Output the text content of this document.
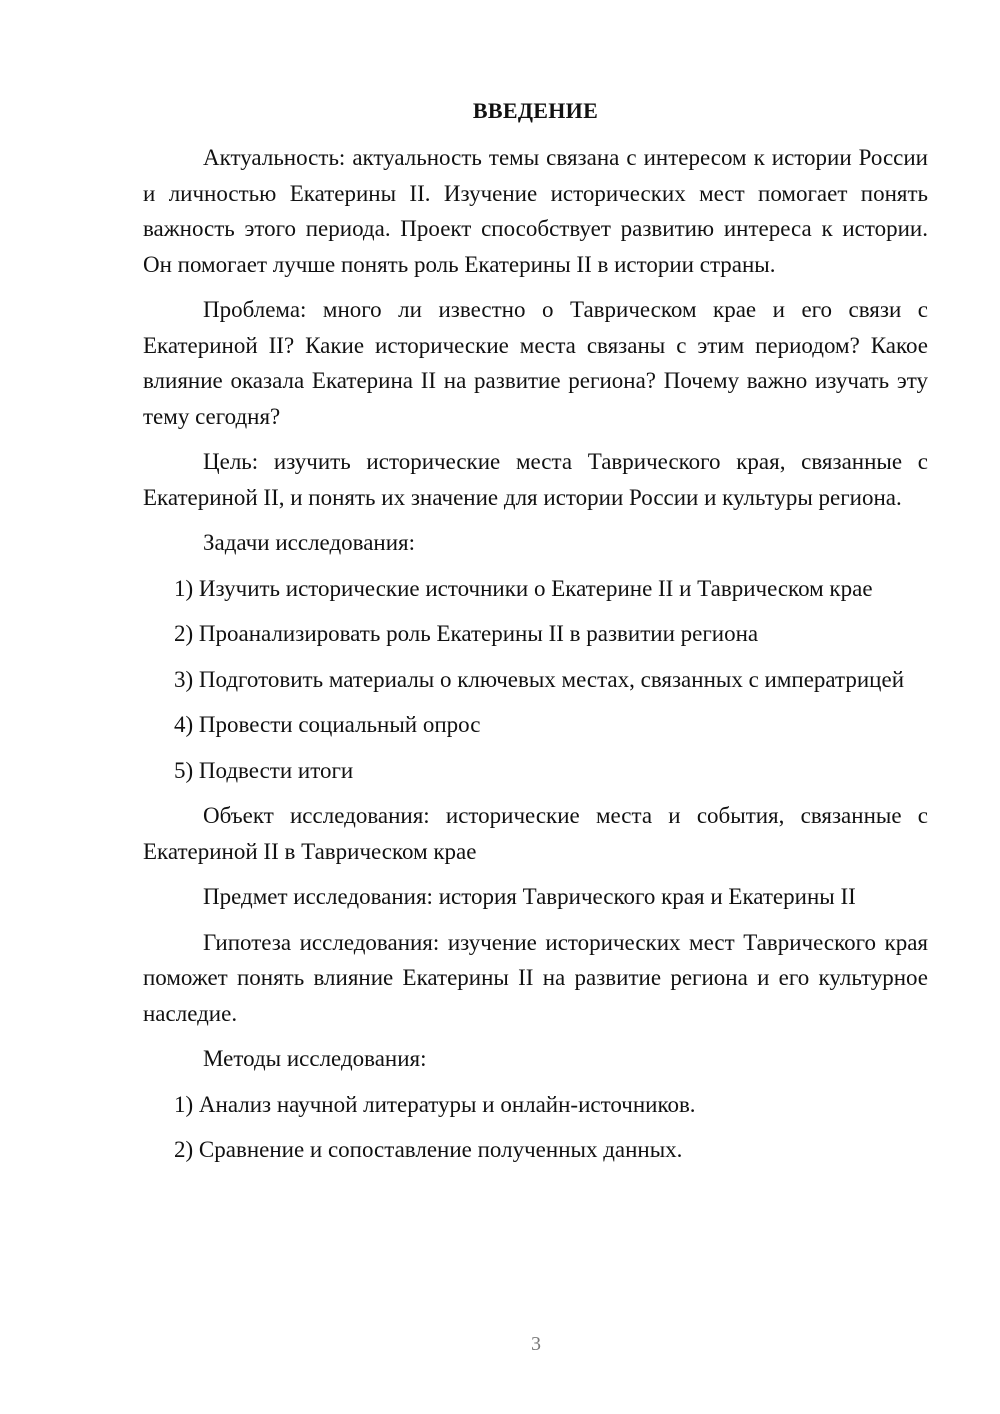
ВВЕДЕНИЕ
Актуальность: актуальность темы связана с интересом к истории России и личностью Екатерины II. Изучение исторических мест помогает понять важность этого периода. Проект способствует развитию интереса к истории. Он помогает лучше понять роль Екатерины II в истории страны.
Проблема: много ли известно о Таврическом крае и его связи с Екатериной II? Какие исторические места связаны с этим периодом? Какое влияние оказала Екатерина II на развитие региона? Почему важно изучать эту тему сегодня?
Цель: изучить исторические места Таврического края, связанные с Екатериной II, и понять их значение для истории России и культуры региона.
Задачи исследования:
1) Изучить исторические источники о Екатерине II и Таврическом крае
2) Проанализировать роль Екатерины II в развитии региона
3) Подготовить материалы о ключевых местах, связанных с императрицей
4) Провести социальный опрос
5) Подвести итоги
Объект исследования: исторические места и события, связанные с Екатериной II в Таврическом крае
Предмет исследования: история Таврического края и Екатерины II
Гипотеза исследования: изучение исторических мест Таврического края поможет понять влияние Екатерины II на развитие региона и его культурное наследие.
Методы исследования:
1) Анализ научной литературы и онлайн-источников.
2) Сравнение и сопоставление полученных данных.
3
